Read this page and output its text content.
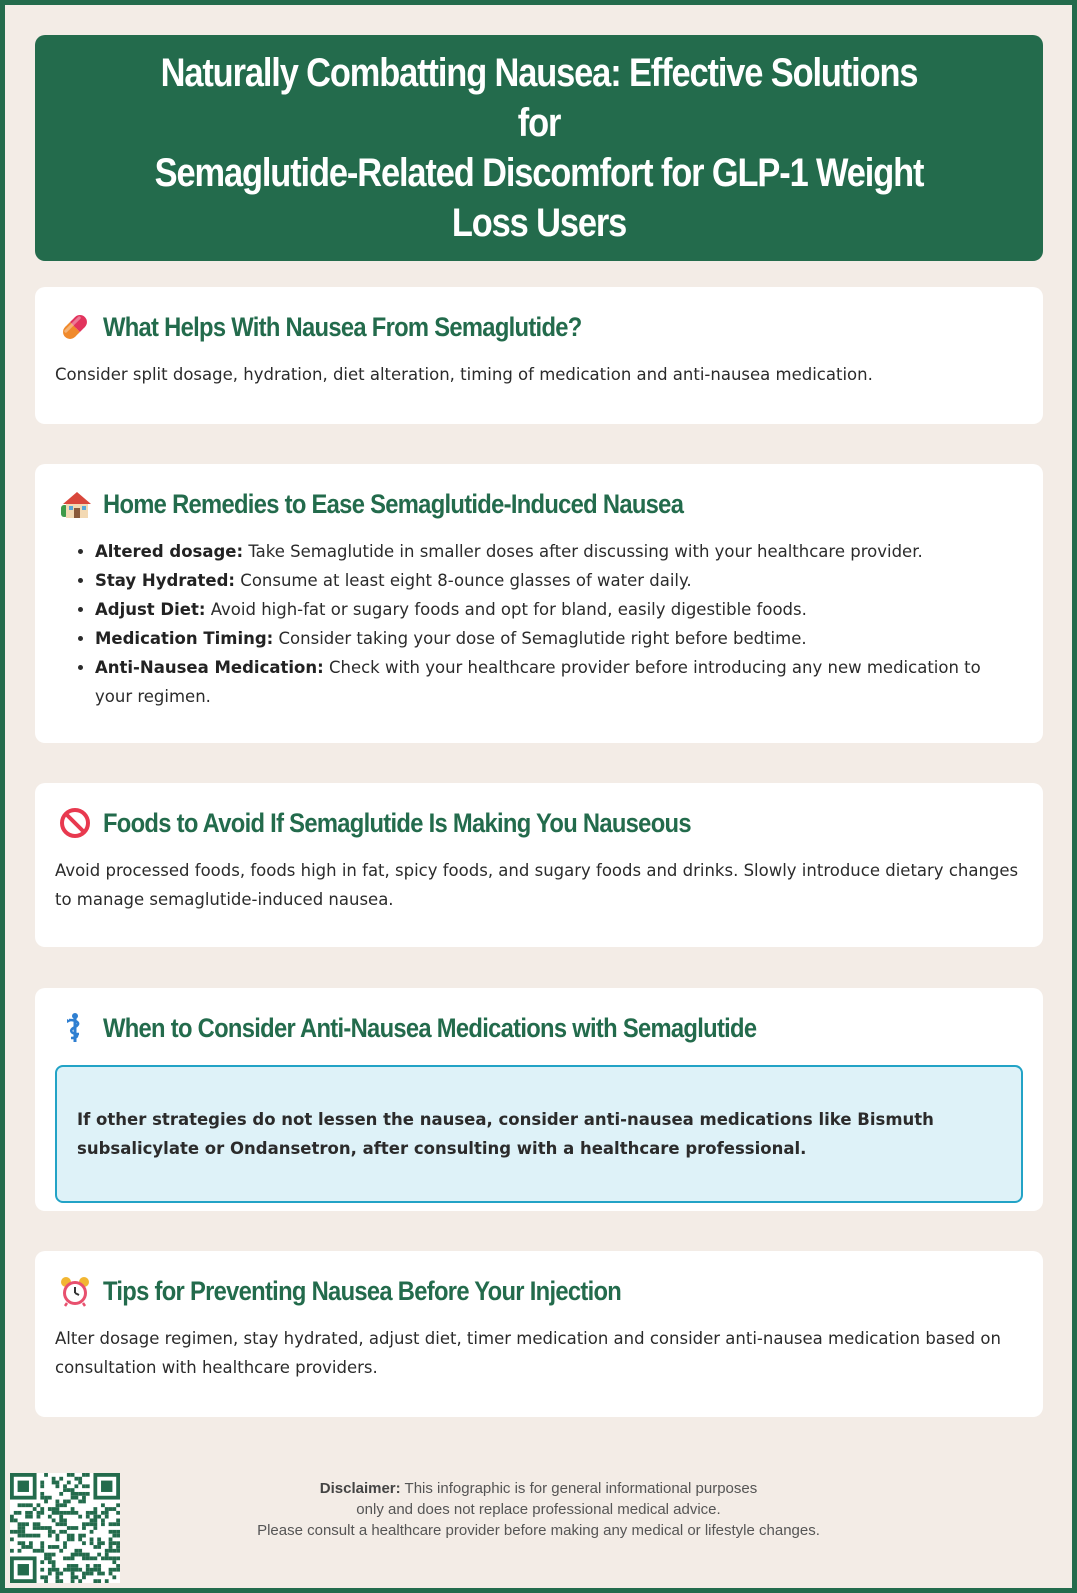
Naturally Combatting Nausea: Effective Solutions for
Semaglutide-Related Discomfort for GLP-1 Weight Loss Users
What Helps With Nausea From Semaglutide?

Consider split dosage, hydration, diet alteration, timing of medication and anti-nausea medication.

Home Remedies to Ease Semaglutide-Induced Nausea
• Altered dosage: Take Semaglutide in smaller doses after discussing with your healthcare provider.
• Stay Hydrated: Consume at least eight 8-ounce glasses of water daily.
• Adjust Diet: Avoid high-fat or sugary foods and opt for bland, easily digestible foods.
• Medication Timing: Consider taking your dose of Semaglutide right before bedtime.
• Anti-Nausea Medication: Check with your healthcare provider before introducing any new medication to your regimen.
Foods to Avoid If Semaglutide Is Making You Nauseous

Avoid processed foods, foods high in fat, spicy foods, and sugary foods and drinks. Slowly introduce dietary changes to manage semaglutide-induced nausea.

When to Consider Anti-Nausea Medications with Semaglutide
If other strategies do not lessen the nausea, consider anti-nausea medications like Bismuth subsalicylate or Ondansetron, after consulting with a healthcare professional.
Tips for Preventing Nausea Before Your Injection

Alter dosage regimen, stay hydrated, adjust diet, timer medication and consider anti-nausea medication based on consultation with healthcare providers.

Disclaimer: This infographic is for general informational purposes
only and does not replace professional medical advice.
Please consult a healthcare provider before making any medical or lifestyle changes.
